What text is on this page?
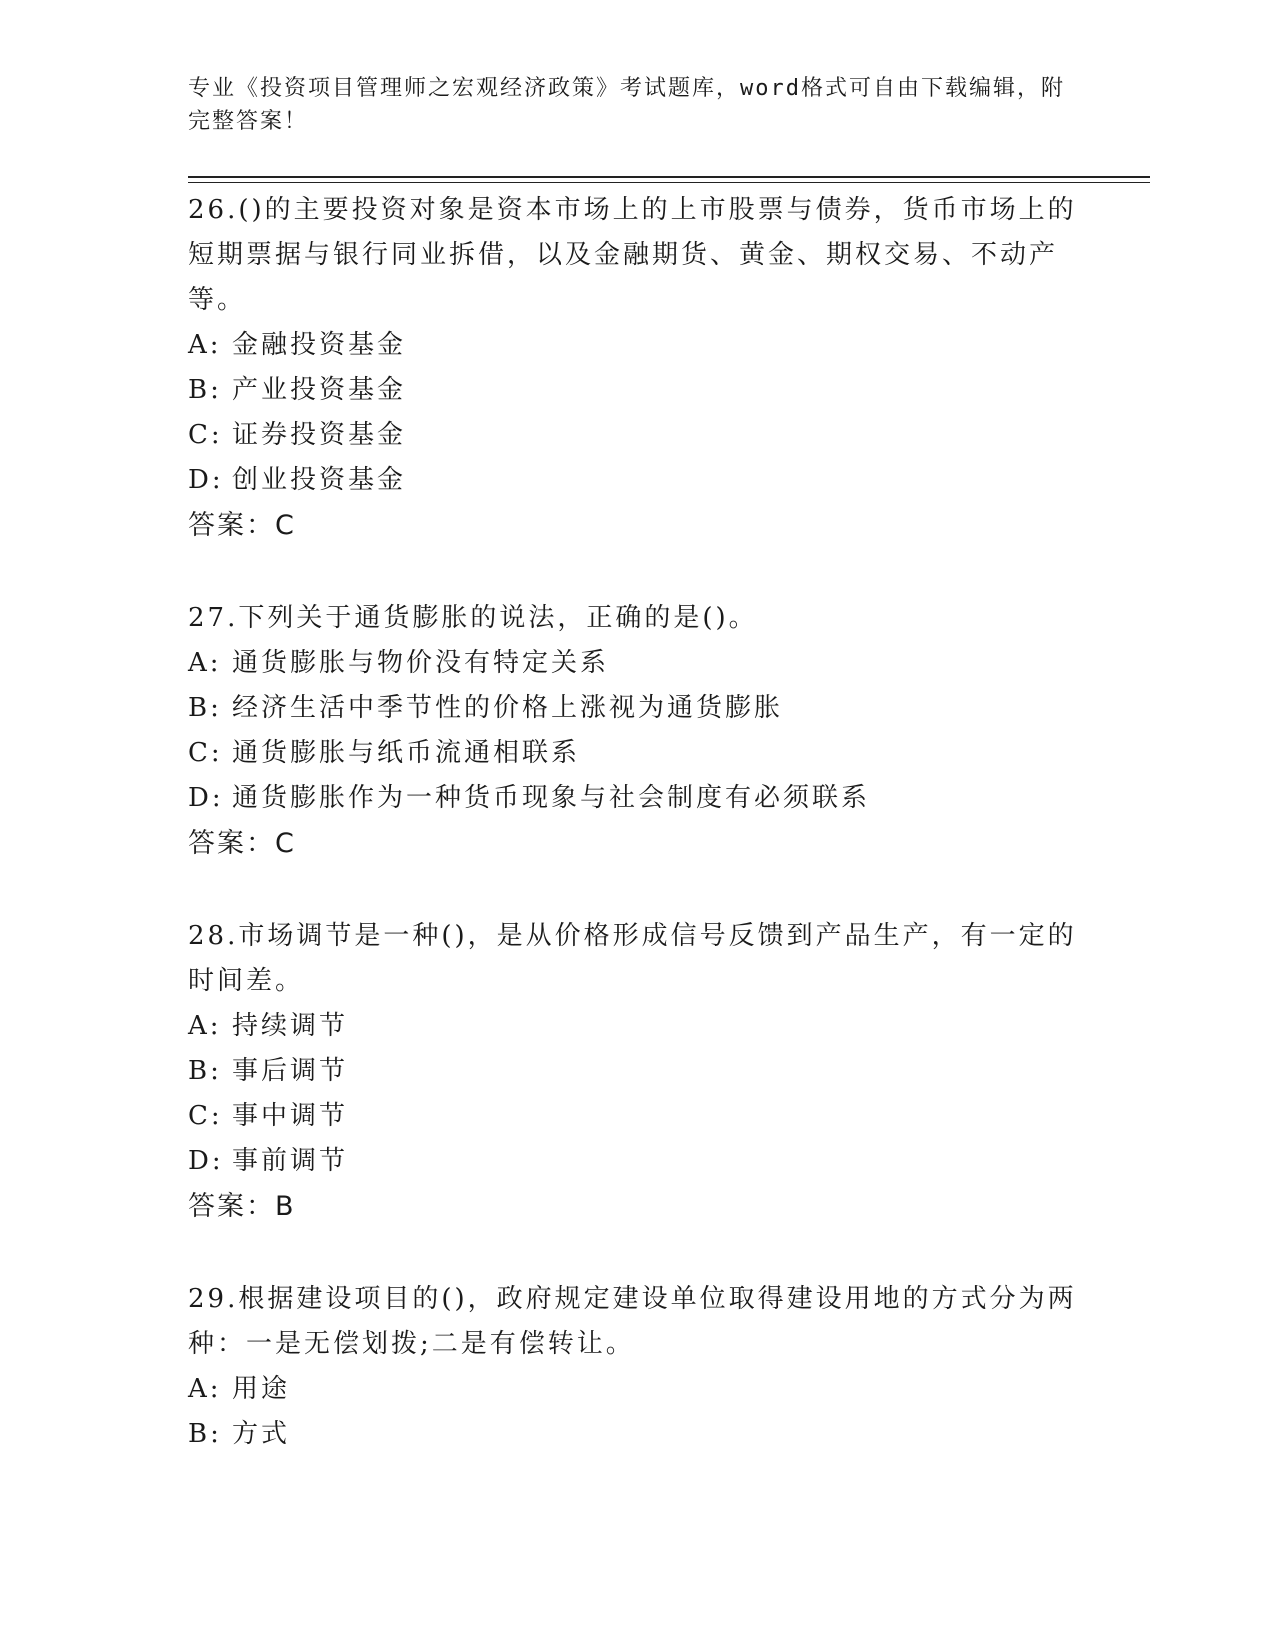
专业《投资项目管理师之宏观经济政策》考试题库，word格式可自由下载编辑，附完整答案！
26.()的主要投资对象是资本市场上的上市股票与债券，货币市场上的短期票据与银行同业拆借，以及金融期货、黄金、期权交易、不动产等。
A: 金融投资基金
B: 产业投资基金
C: 证券投资基金
D: 创业投资基金
答案：C
27.下列关于通货膨胀的说法，正确的是()。
A: 通货膨胀与物价没有特定关系
B: 经济生活中季节性的价格上涨视为通货膨胀
C: 通货膨胀与纸币流通相联系
D: 通货膨胀作为一种货币现象与社会制度有必须联系
答案：C
28.市场调节是一种()，是从价格形成信号反馈到产品生产，有一定的时间差。
A: 持续调节
B: 事后调节
C: 事中调节
D: 事前调节
答案：B
29.根据建设项目的()，政府规定建设单位取得建设用地的方式分为两种：一是无偿划拨;二是有偿转让。
A: 用途
B: 方式
